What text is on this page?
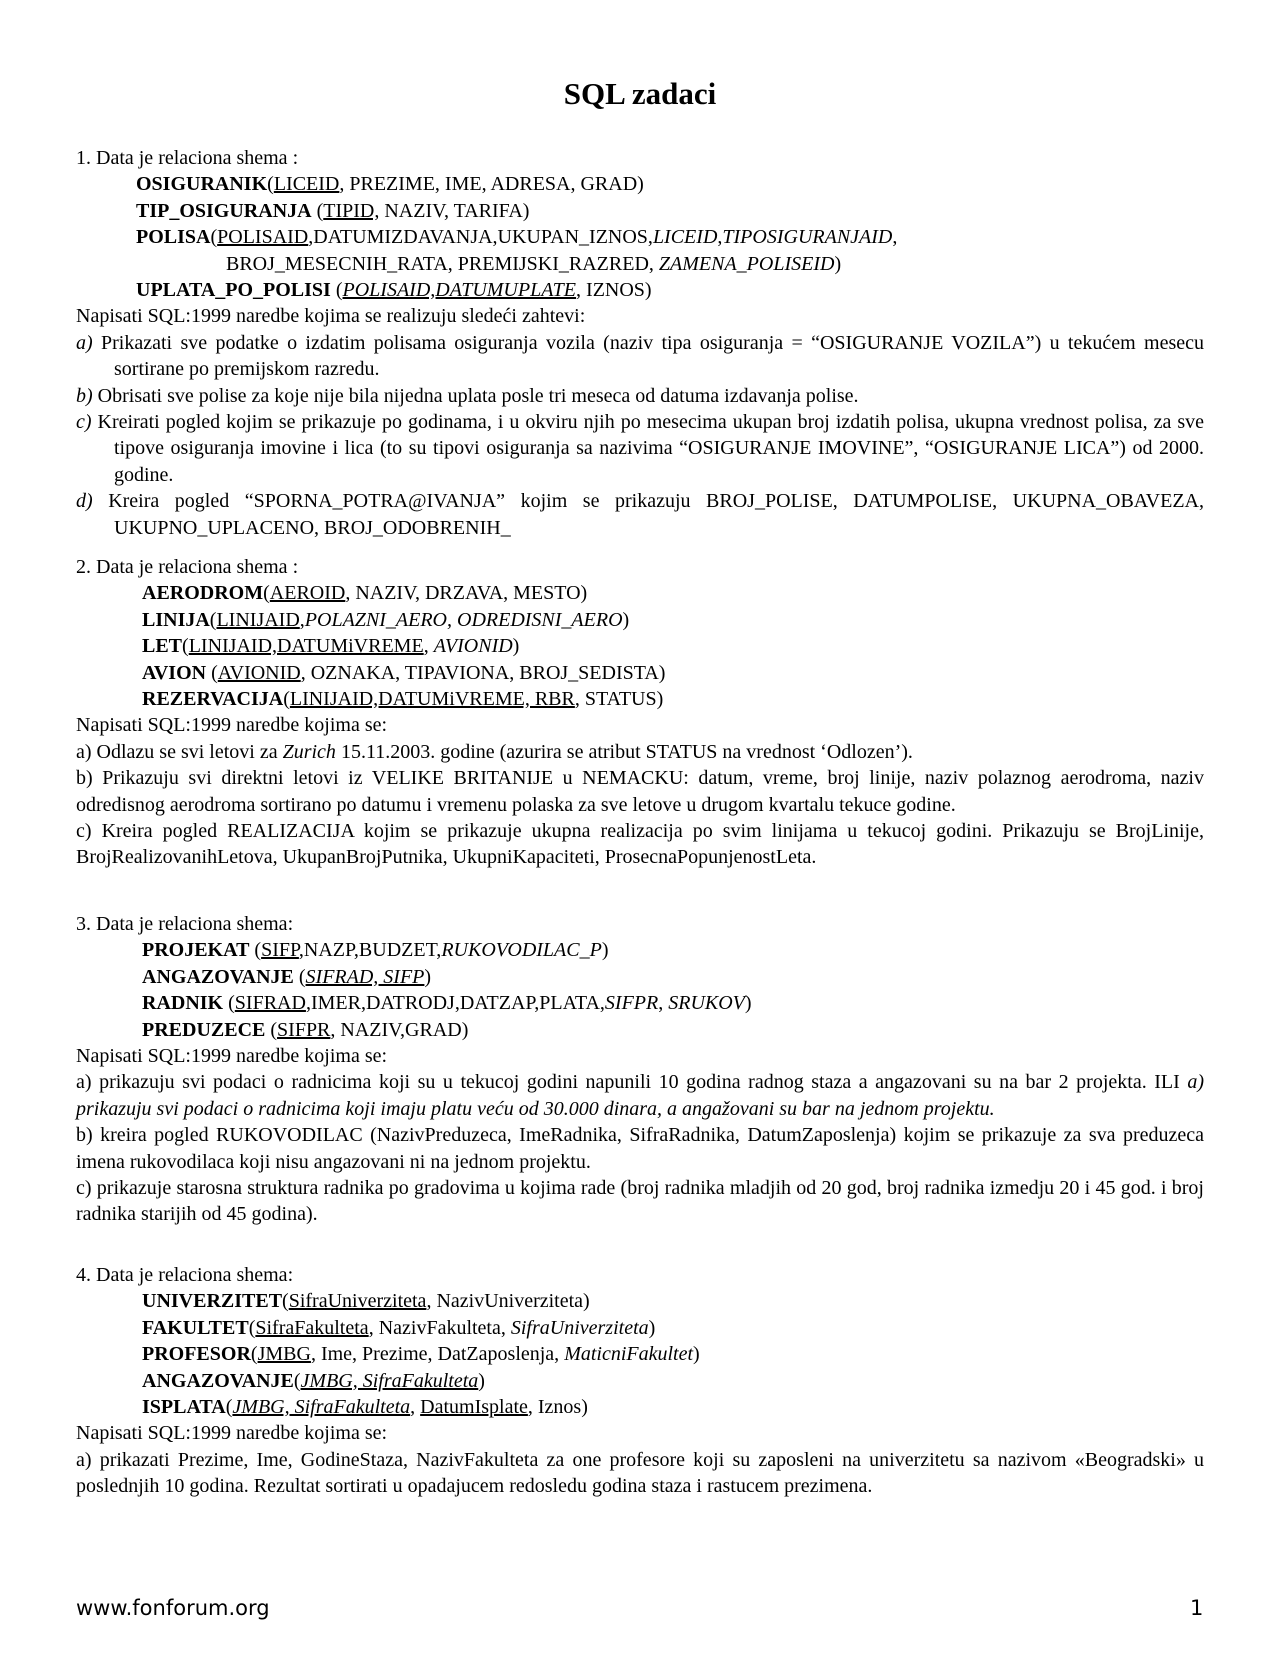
SQL zadaci
1. Data je relaciona shema :
OSIGURANIK(LICEID, PREZIME, IME, ADRESA, GRAD)
TIP_OSIGURANJA (TIPID, NAZIV, TARIFA)
POLISA(POLISAID,DATUMIZDAVANJA,UKUPAN_IZNOS,LICEID,TIPOSIGURANJAID,
BROJ_MESECNIH_RATA, PREMIJSKI_RAZRED, ZAMENA_POLISEID)
UPLATA_PO_POLISI (POLISAID,DATUMUPLATE, IZNOS)
Napisati SQL:1999 naredbe kojima se realizuju sledeći zahtevi:
a) Prikazati sve podatke o izdatim polisama osiguranja vozila (naziv tipa osiguranja = “OSIGURANJE VOZILA”) u tekućem mesecu sortirane po premijskom razredu.
b) Obrisati sve polise za koje nije bila nijedna uplata posle tri meseca od datuma izdavanja polise.
c) Kreirati pogled kojim se prikazuje po godinama, i u okviru njih po mesecima ukupan broj izdatih polisa, ukupna vrednost polisa, za sve tipove osiguranja imovine i lica (to su tipovi osiguranja sa nazivima “OSIGURANJE IMOVINE”, “OSIGURANJE LICA”) od 2000. godine.
d) Kreira pogled “SPORNA_POTRA@IVANJA” kojim se prikazuju BROJ_POLISE, DATUMPOLISE, UKUPNA_OBAVEZA, UKUPNO_UPLACENO, BROJ_ODOBRENIH_
2. Data je relaciona shema :
AERODROM(AEROID, NAZIV, DRZAVA, MESTO)
LINIJA(LINIJAID,POLAZNI_AERO, ODREDISNI_AERO)
LET(LINIJAID,DATUMiVREME, AVIONID)
AVION (AVIONID, OZNAKA, TIPAVIONA, BROJ_SEDISTA)
REZERVACIJA(LINIJAID,DATUMiVREME, RBR, STATUS)
Napisati SQL:1999 naredbe kojima se:
a) Odlazu se svi letovi za Zurich 15.11.2003. godine (azurira se atribut STATUS na vrednost ‘Odlozen’).
b) Prikazuju svi direktni letovi iz VELIKE BRITANIJE u NEMACKU: datum, vreme, broj linije, naziv polaznog aerodroma, naziv odredisnog aerodroma sortirano po datumu i vremenu polaska za sve letove u drugom kvartalu tekuce godine.
c) Kreira pogled REALIZACIJA kojim se prikazuje ukupna realizacija po svim linijama u tekucoj godini. Prikazuju se BrojLinije, BrojRealizovanihLetova, UkupanBrojPutnika, UkupniKapaciteti, ProsecnaPopunjenostLeta.
3. Data je relaciona shema:
PROJEKAT (SIFP,NAZP,BUDZET,RUKOVODILAC_P)
ANGAZOVANJE (SIFRAD, SIFP)
RADNIK (SIFRAD,IMER,DATRODJ,DATZAP,PLATA,SIFPR, SRUKOV)
PREDUZECE (SIFPR, NAZIV,GRAD)
Napisati SQL:1999 naredbe kojima se:
a) prikazuju svi podaci o radnicima koji su u tekucoj godini napunili 10 godina radnog staza a angazovani su na bar 2 projekta. ILI a) prikazuju svi podaci o radnicima koji imaju platu veću od 30.000 dinara, a angažovani su bar na jednom projektu.
b) kreira pogled RUKOVODILAC (NazivPreduzeca, ImeRadnika, SifraRadnika, DatumZaposlenja) kojim se prikazuje za sva preduzeca imena rukovodilaca koji nisu angazovani ni na jednom projektu.
c) prikazuje starosna struktura radnika po gradovima u kojima rade (broj radnika mladjih od 20 god, broj radnika izmedju 20 i 45 god. i broj radnika starijih od 45 godina).
4. Data je relaciona shema:
UNIVERZITET(SifraUniverziteta, NazivUniverziteta)
FAKULTET(SifraFakulteta, NazivFakulteta, SifraUniverziteta)
PROFESOR(JMBG, Ime, Prezime, DatZaposlenja, MaticniFakultet)
ANGAZOVANJE(JMBG, SifraFakulteta)
ISPLATA(JMBG, SifraFakulteta, DatumIsplate, Iznos)
Napisati SQL:1999 naredbe kojima se:
a) prikazati Prezime, Ime, GodineStaza, NazivFakulteta za one profesore koji su zaposleni na univerzitetu sa nazivom «Beogradski» u poslednjih 10 godina. Rezultat sortirati u opadajucem redosledu godina staza i rastucem prezimena.
www.fonforum.org	1
